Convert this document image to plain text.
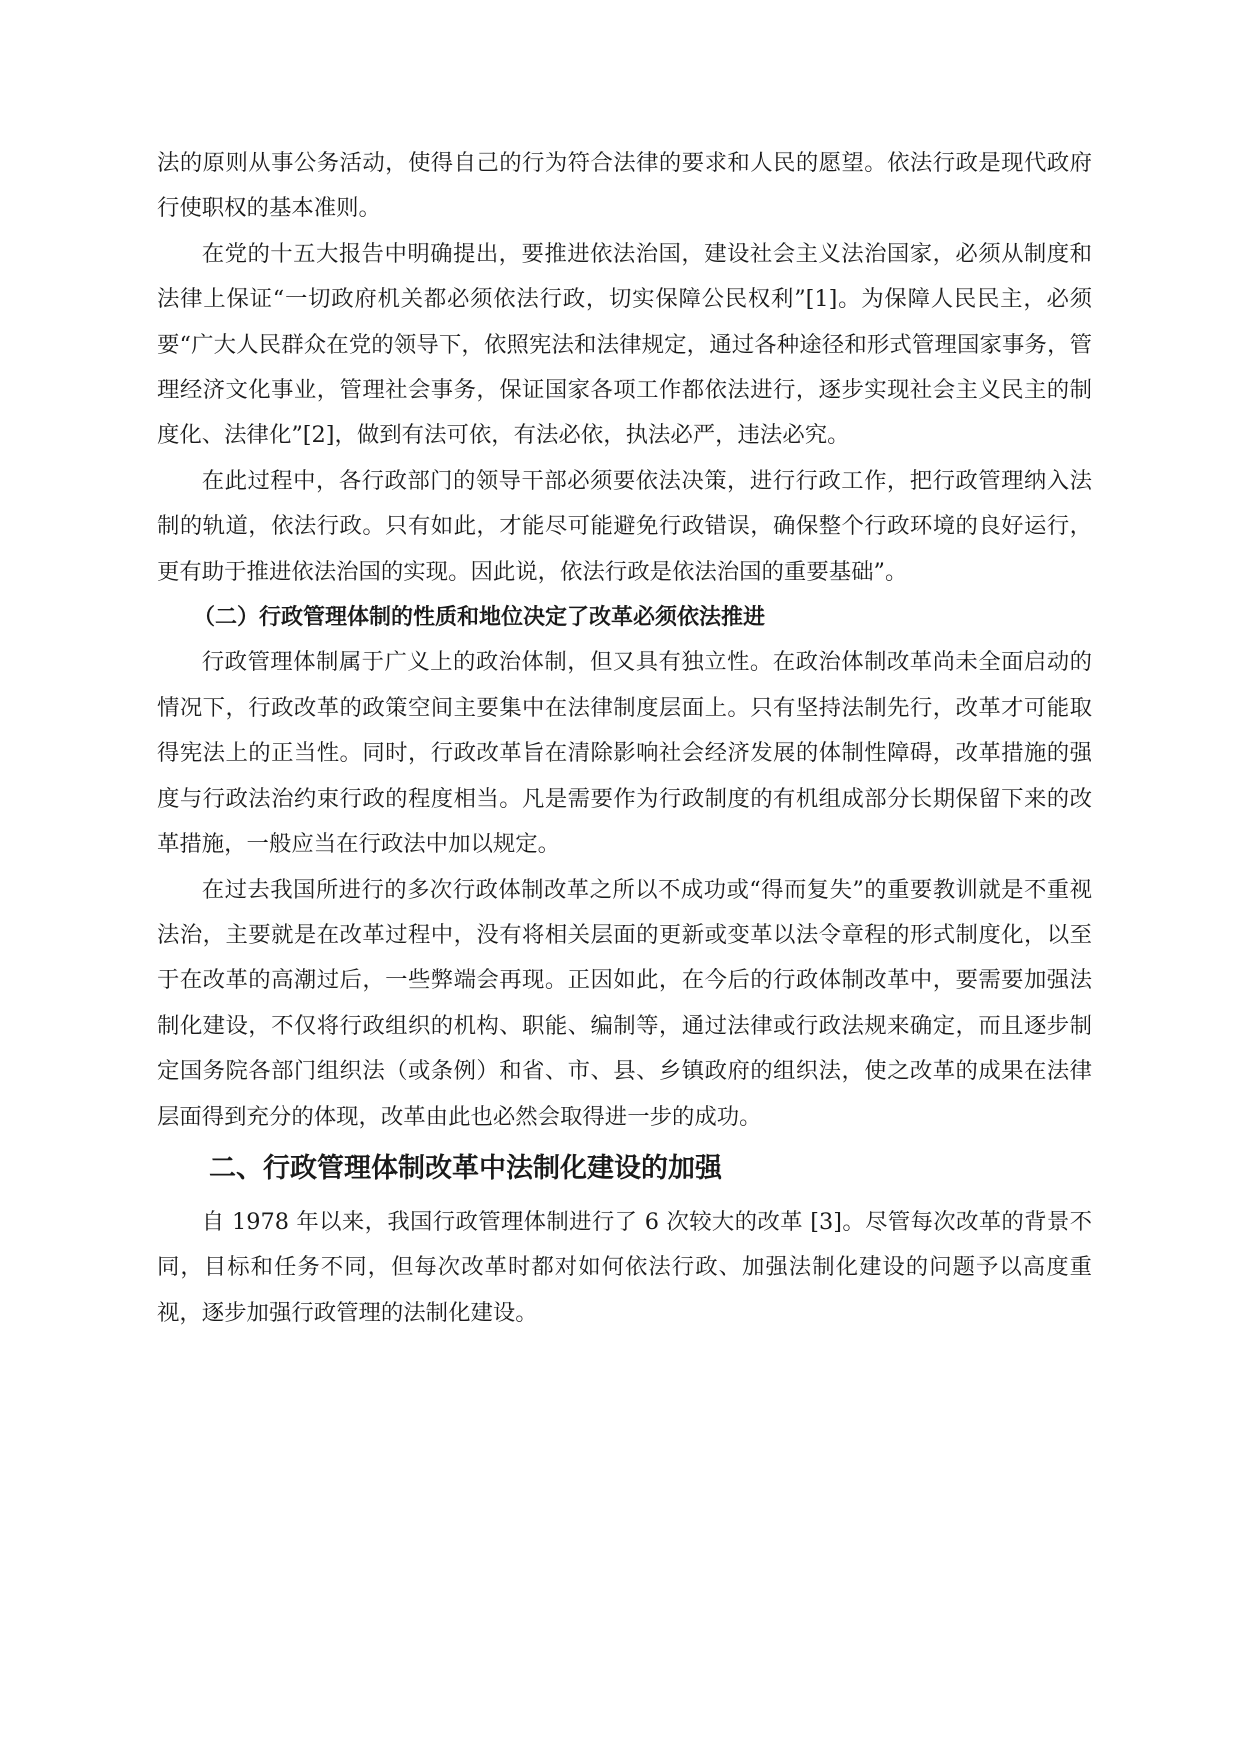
法的原则从事公务活动，使得自己的行为符合法律的要求和人民的愿望。依法行政是现代政府行使职权的基本准则。

在党的十五大报告中明确提出，要推进依法治国，建设社会主义法治国家，必须从制度和法律上保证“一切政府机关都必须依法行政，切实保障公民权利”[1]。为保障人民民主，必须要“广大人民群众在党的领导下，依照宪法和法律规定，通过各种途径和形式管理国家事务，管理经济文化事业，管理社会事务，保证国家各项工作都依法进行，逐步实现社会主义民主的制度化、法律化”[2]，做到有法可依，有法必依，执法必严，违法必究。

在此过程中，各行政部门的领导干部必须要依法决策，进行行政工作，把行政管理纳入法制的轨道，依法行政。只有如此，才能尽可能避免行政错误，确保整个行政环境的良好运行，更有助于推进依法治国的实现。因此说，依法行政是依法治国的重要基础”。

（二）行政管理体制的性质和地位决定了改革必须依法推进

行政管理体制属于广义上的政治体制，但又具有独立性。在政治体制改革尚未全面启动的情况下，行政改革的政策空间主要集中在法律制度层面上。只有坚持法制先行，改革才可能取得宪法上的正当性。同时，行政改革旨在清除影响社会经济发展的体制性障碍，改革措施的强度与行政法治约束行政的程度相当。凡是需要作为行政制度的有机组成部分长期保留下来的改革措施，一般应当在行政法中加以规定。

在过去我国所进行的多次行政体制改革之所以不成功或“得而复失”的重要教训就是不重视法治，主要就是在改革过程中，没有将相关层面的更新或变革以法令章程的形式制度化，以至于在改革的高潮过后，一些弊端会再现。正因如此，在今后的行政体制改革中，要需要加强法制化建设，不仅将行政组织的机构、职能、编制等，通过法律或行政法规来确定，而且逐步制定国务院各部门组织法（或条例）和省、市、县、乡镇政府的组织法，使之改革的成果在法律层面得到充分的体现，改革由此也必然会取得进一步的成功。

二、行政管理体制改革中法制化建设的加强

自 1978 年以来，我国行政管理体制进行了 6 次较大的改革 [3]。尽管每次改革的背景不同，目标和任务不同，但每次改革时都对如何依法行政、加强法制化建设的问题予以高度重视，逐步加强行政管理的法制化建设。
